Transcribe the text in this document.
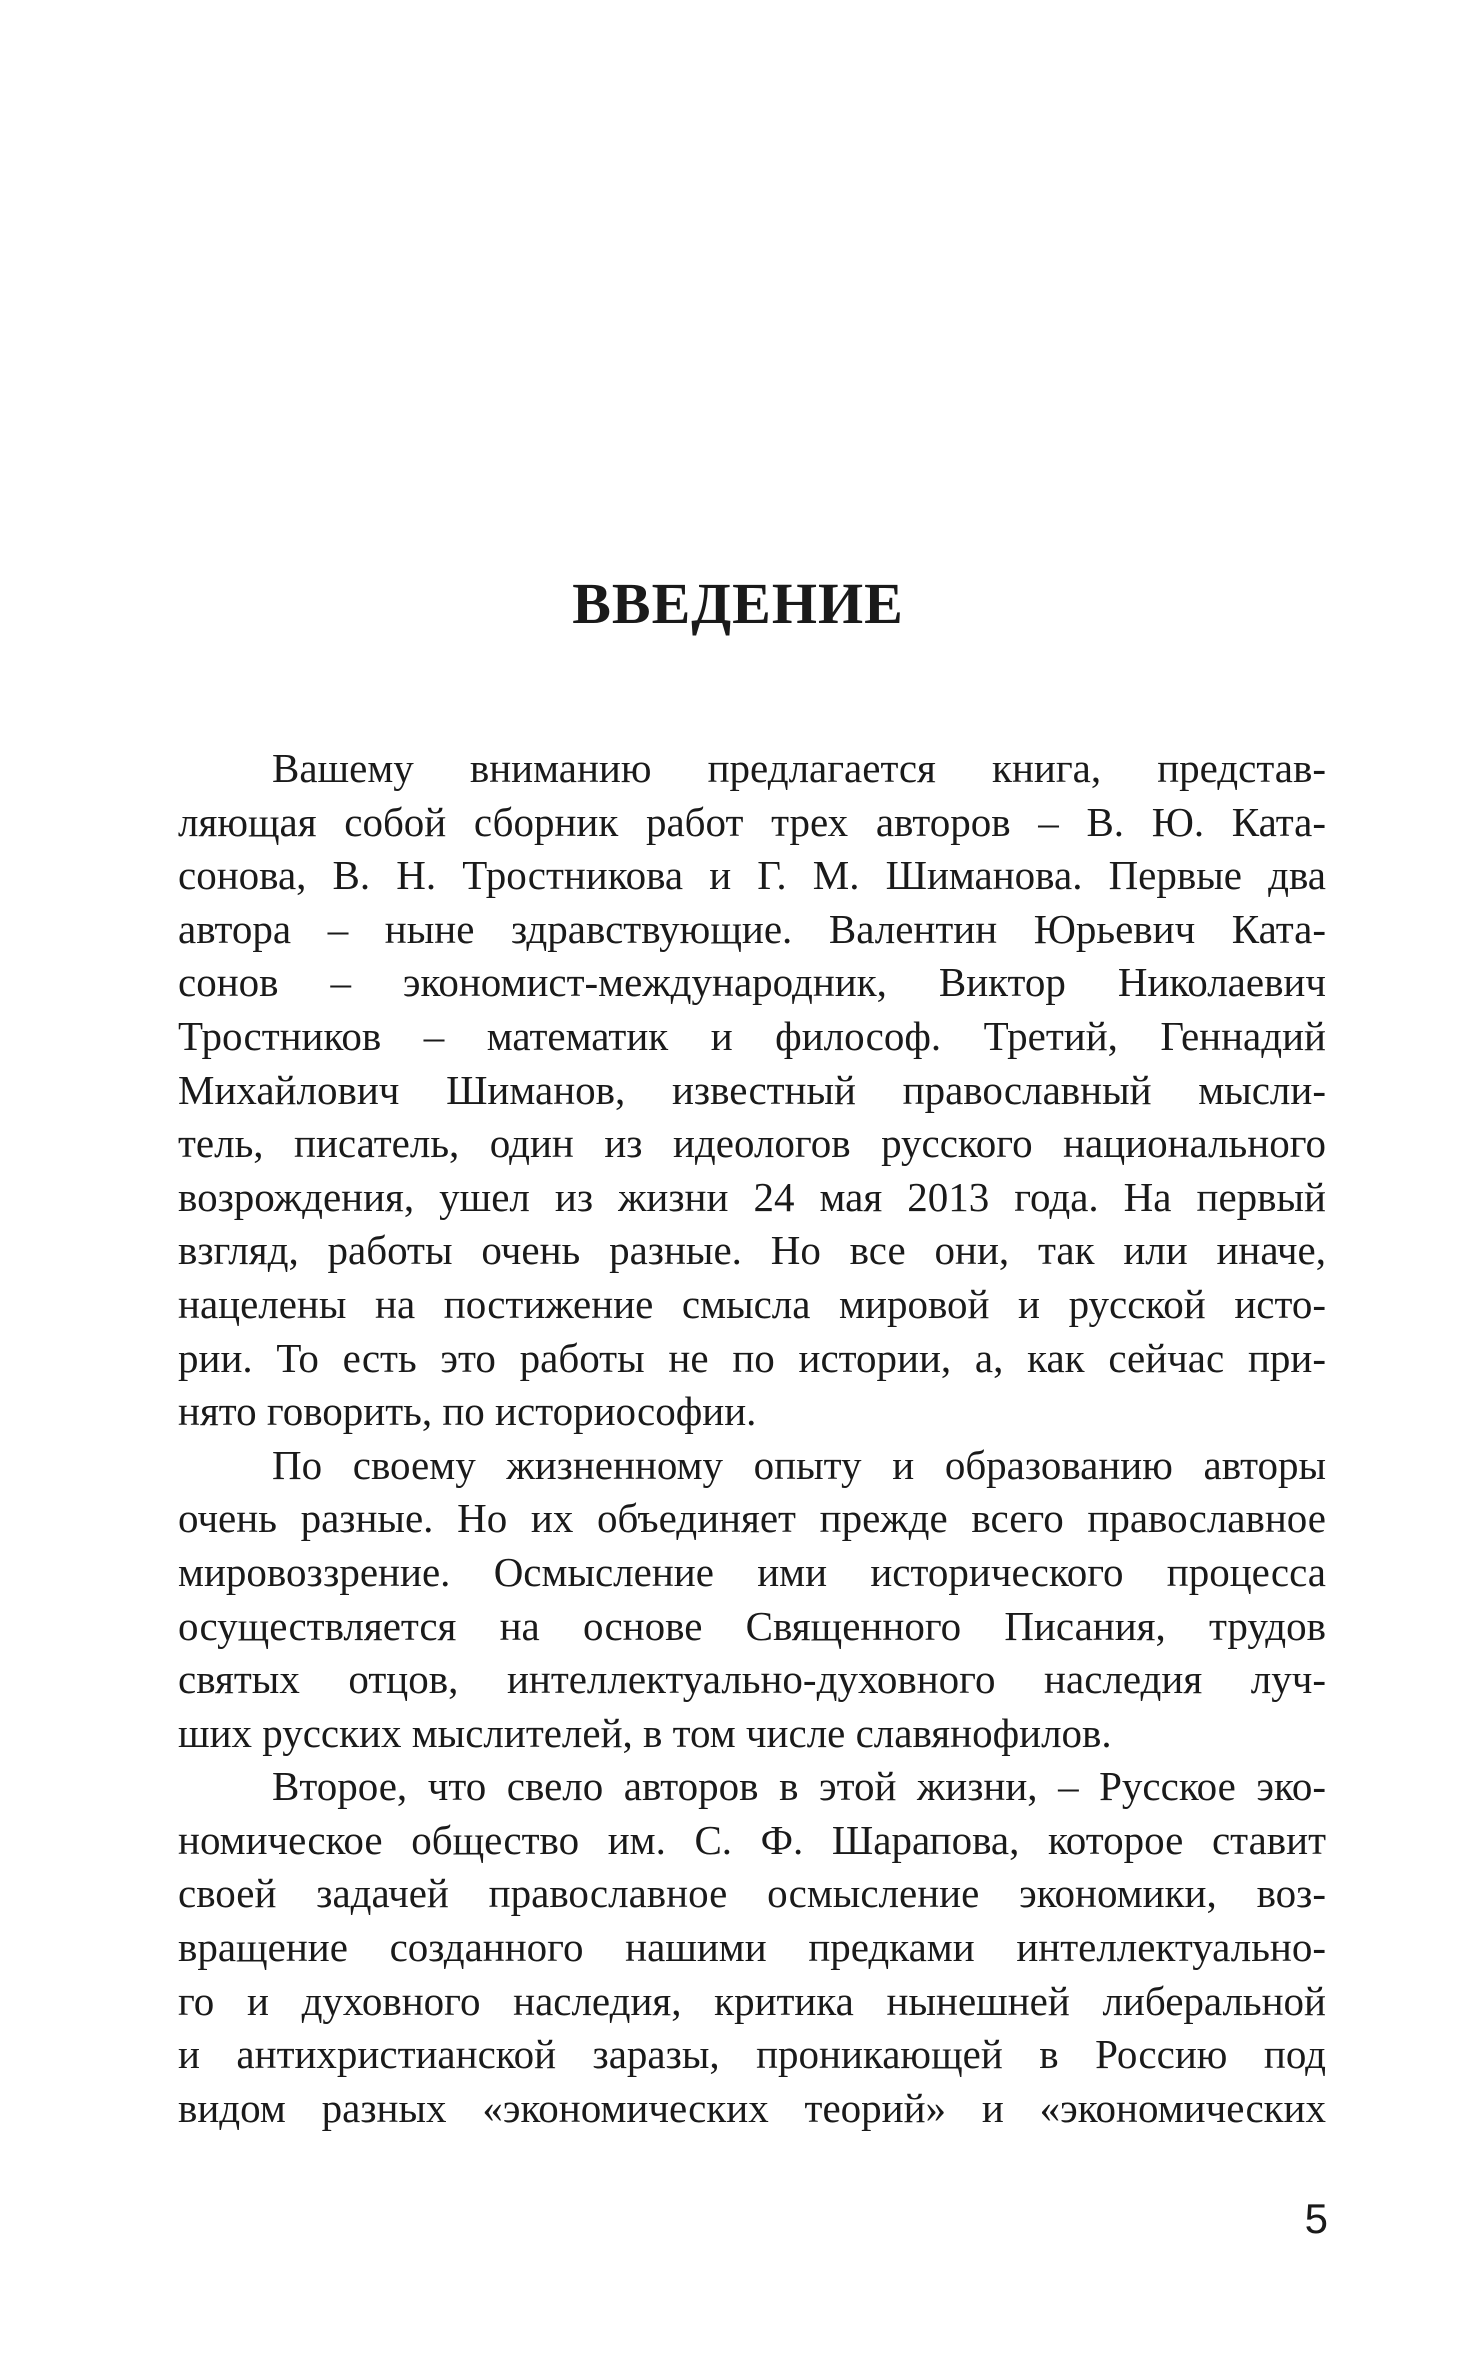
ВВЕДЕНИЕ

Вашему вниманию предлагается книга, представ-
ляющая собой сборник работ трех авторов – В. Ю. Ката-
сонова, В. Н. Тростникова и Г. М. Шиманова. Первые два
автора – ныне здравствующие. Валентин Юрьевич Ката-
сонов – экономист-международник, Виктор Николаевич
Тростников – математик и философ. Третий, Геннадий
Михайлович Шиманов, известный православный мысли-
тель, писатель, один из идеологов русского национального
возрождения, ушел из жизни 24 мая 2013 года. На первый
взгляд, работы очень разные. Но все они, так или иначе,
нацелены на постижение смысла мировой и русской исто-
рии. То есть это работы не по истории, а, как сейчас при-
нято говорить, по историософии.

По своему жизненному опыту и образованию авторы
очень разные. Но их объединяет прежде всего православное
мировоззрение. Осмысление ими исторического процесса
осуществляется на основе Священного Писания, трудов
святых отцов, интеллектуально-духовного наследия луч-
ших русских мыслителей, в том числе славянофилов.

Второе, что свело авторов в этой жизни, – Русское эко-
номическое общество им. С. Ф. Шарапова, которое ставит
своей задачей православное осмысление экономики, воз-
вращение созданного нашими предками интеллектуально-
го и духовного наследия, критика нынешней либеральной
и антихристианской заразы, проникающей в Россию под
видом разных «экономических теорий» и «экономических

5
